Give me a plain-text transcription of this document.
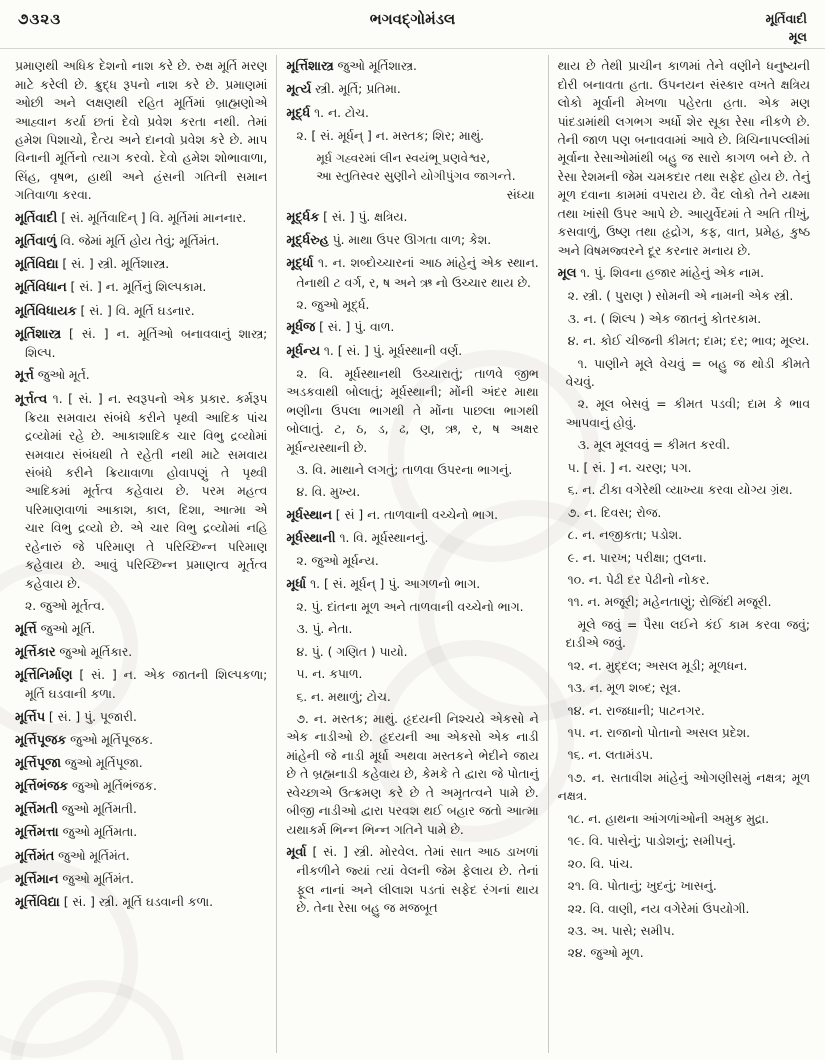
૭૩૨૩	ભગવદ્ગોમંડલ	મૂર્તિવાદી
મૂલ

પ્રમાણથી અધિક દેશનો નાશ કરે છે. રુક્ષ મૂર્તિ મરણ માટે કરેલી છે. ક્રુદ્ધ રૂપનો નાશ કરે છે. પ્રમાણમાં ઓછી અને લક્ષણથી રહિત મૂર્તિમાં બ્રાહ્મણોએ આહ્વાન કર્યા છતાં દેવો પ્રવેશ કરતા નથી. તેમાં હમેશ પિશાચો, દૈત્ય અને દાનવો પ્રવેશ કરે છે. માપ વિનાની મૂર્તિનો ત્યાગ કરવો. દેવો હમેશ શોભાવાળા, સિંહ, વૃષભ, હાથી અને હંસની ગતિની સમાન ગતિવાળા કરવા.

મૂર્તિવાદી [ સં. મૂર્તિવાદિન્ ] વિ. મૂર્તિમાં માનનાર.

મૂર્તિવાળું વિ. જેમાં મૂર્તિ હોય તેવું; મૂર્તિમંત.

મૂર્તિવિદ્યા [ સં. ] સ્ત્રી. મૂર્તિશાસ્ત્ર.

મૂર્તિવિધાન [ સં. ] ન. મૂર્તિનું શિલ્પકામ.

મૂર્તિવિધાયક [ સં. ] વિ. મૂર્તિ ઘડનાર.

મૂર્તિશાસ્ત્ર [ સં. ] ન. મૂર્તિઓ બનાવવાનું શાસ્ત્ર; શિલ્પ.

મૂર્ત્ત જુઓ મૂર્ત.

મૂર્ત્તત્વ ૧. [ સં. ] ન. સ્વરૂપનો એક પ્રકાર. કર્મરૂપ ક્રિયા સમવાય સંબંધે કરીને પૃથ્વી આદિક પાંચ દ્રવ્યોમાં રહે છે. આકાશાદિક ચાર વિભુ દ્રવ્યોમાં સમવાય સંબંધથી તે રહેતી નથી માટે સમવાય સંબંધે કરીને ક્રિયાવાળા હોવાપણું તે પૃથ્વી આદિકમાં મૂર્તત્વ કહેવાય છે. પરમ મહત્વ પરિમાણવાળાં આકાશ, કાલ, દિશા, આત્મા એ ચાર વિભુ દ્રવ્યો છે. એ ચાર વિભુ દ્રવ્યોમાં નહિ રહેનારું જે પરિમાણ તે પરિચ્છિન્ન પરિમાણ કહેવાય છે. આવું પરિચ્છિન્ન પ્રમાણત્વ મૂર્તત્વ કહેવાય છે.

૨. જુઓ મૂર્તત્વ.

મૂર્ત્તિ જુઓ મૂર્તિ.

મૂર્ત્તિકાર જુઓ મૂર્તિકાર.

મૂર્ત્તિનિર્માણ [ સં. ] ન. એક જાતની શિલ્પકળા; મૂર્તિ ઘડવાની કળા.

મૂર્ત્તિપ [ સં. ] પું. પૂજારી.

મૂર્ત્તિપૂજક જુઓ મૂર્તિપૂજક.

મૂર્ત્તિપૂજા જુઓ મૂર્તિપૂજા.

મૂર્ત્તિભંજક જુઓ મૂર્તિભંજક.

મૂર્ત્તિમતી જુઓ મૂર્તિમતી.

મૂર્ત્તિમત્તા જુઓ મૂર્તિમતા.

મૂર્ત્તિમંત જુઓ મૂર્તિમંત.

મૂર્ત્તિમાન જુઓ મૂર્તિમંત.

મૂર્ત્તિવિદ્યા [ સં. ] સ્ત્રી. મૂર્તિ ઘડવાની કળા.

મૂર્ત્તિશાસ્ત્ર જુઓ મૂર્તિશાસ્ત્ર.

મૂર્ત્ય સ્ત્રી. મૂર્તિ; પ્રતિમા.

મૂર્દ્ધ ૧. ન. ટોચ.

૨. [ સં. મૂર્ધન્ ] ન. મસ્તક; શિર; માથું.

મૂર્ધ ગહ્વરમાં લીન સ્વયંભૂ પ્રણવેશ્વર,
આ સ્તુતિસ્વર સુણીને યોગીપુંગવ જાગન્તે.

સંધ્યા

મૂર્દ્ધક [ સં. ] પું. ક્ષત્રિય.

મૂર્દ્ધરુહ પું. માથા ઉપર ઊગતા વાળ; કેશ.

મૂર્દ્ધા ૧. ન. શબ્દોચ્ચારનાં આઠ માંહેનું એક સ્થાન. તેનાથી ટ વર્ગ, ર, ષ અને ઋ નો ઉચ્ચાર થાય છે.

૨. જુઓ મૂર્દ્ધ.

મૂર્ધજ [ સં. ] પું. વાળ.

મૂર્ધન્ય ૧. [ સં. ] પું. મૂર્ધસ્થાની વર્ણ.

૨. વિ. મૂર્ધસ્થાનથી ઉચ્ચારાતું; તાળવે જીભ અડકવાથી બોલાતું; મૂર્ધસ્થાની; મોંની અંદર માથા ભણીના ઉપલા ભાગથી તે મોંના પાછલા ભાગથી બોલાતું. ટ, ઠ, ડ, ઢ, ણ, ઋ, ર, ષ અક્ષર મૂર્ધન્યસ્થાની છે.

૩. વિ. માથાને લગતું; તાળવા ઉપરના ભાગનું.

૪. વિ. મુખ્ય.

મૂર્ધસ્થાન [ સં ] ન. તાળવાની વચ્ચેનો ભાગ.

મૂર્ધસ્થાની ૧. વિ. મૂર્ધસ્થાનનું.

૨. જુઓ મૂર્ધન્ય.

મૂર્ધા ૧. [ સં. મૂર્ધન્ ] પું. આગળનો ભાગ.

૨. પું. દાંતના મૂળ અને તાળવાની વચ્ચેનો ભાગ.

૩. પું. નેતા.

૪. પું. ( ગણિત ) પાયો.

૫. ન. કપાળ.

૬. ન. મથાળું; ટોચ.

૭. ન. મસ્તક; માથું. હૃદયની નિશ્ચયે એકસો ને એક નાડીઓ છે. હૃદયની આ એકસો એક નાડી માંહેની જે નાડી મૂર્ધા અથવા મસ્તકને ભેદીને જાય છે તે બ્રહ્મનાડી કહેવાય છે, કેમકે તે દ્વારા જે પોતાનું સ્વેચ્છાએ ઉત્ક્રમણ કરે છે તે અમૃતત્વને પામે છે. બીજી નાડીઓ દ્વારા પરવશ થઈ બહાર જતો આત્મા યથાકર્મ ભિન્ન ભિન્ન ગતિને પામે છે.

મૂર્વા [ સં. ] સ્ત્રી. મોરવેલ. તેમાં સાત આઠ ડાખળાં નીકળીને જ્યાં ત્યાં વેલની જેમ ફેલાય છે. તેનાં ફૂલ નાનાં અને લીલાશ પડતાં સફેદ રંગનાં થાય છે. તેના રેસા બહુ જ મજબૂત

થાય છે તેથી પ્રાચીન કાળમાં તેને વણીને ધનુષ્યની દોરી બનાવતા હતા. ઉપનયન સંસ્કાર વખતે ક્ષત્રિય લોકો મૂર્વાની મેખળા પહેરતા હતા. એક મણ પાંદડામાંથી લગભગ અર્ધો શેર સૂકા રેસા નીકળે છે. તેની જાળ પણ બનાવવામાં આવે છે. ત્રિચિનાપલ્લીમાં મૂર્વાના રેસાઓમાંથી બહુ જ સારો કાગળ બને છે. તે રેસા રેશમની જેમ ચમકદાર તથા સફેદ હોય છે. તેનું મૂળ દવાના કામમાં વપરાય છે. વૈદ લોકો તેને યક્ષ્મા તથા ખાંસી ઉપર આપે છે. આયુર્વેદમાં તે અતિ તીખું, કસવાળું, ઉષ્ણ તથા હૃદ્રોગ, કફ, વાત, પ્રમેહ, કુષ્ઠ અને વિષમજ્વરને દૂર કરનાર મનાય છે.

મૂલ ૧. પું. શિવના હજાર માંહેનું એક નામ.

૨. સ્ત્રી. ( પુરાણ ) સોમની એ નામની એક સ્ત્રી.

૩. ન. ( શિલ્પ ) એક જાતનું કોતરકામ.

૪. ન. કોઈ ચીજની કીમત; દામ; દર; ભાવ; મૂલ્ય.

૧. પાણીને મૂલે વેચવું = બહુ જ થોડી કીમતે વેચવું.

૨. મૂલ બેસવું = કીમત પડવી; દામ કે ભાવ આપવાનું હોવું.

૩. મૂલ મૂલવવું = કીમત કરવી.

૫. [ સં. ] ન. ચરણ; પગ.

૬. ન. ટીકા વગેરેથી વ્યાખ્યા કરવા યોગ્ય ગ્રંથ.

૭. ન. દિવસ; રોજ.

૮. ન. નજીકતા; પડોશ.

૯. ન. પારખ; પરીક્ષા; તુલના.

૧૦. ન. પેઢી દર પેઢીનો નોકર.

૧૧. ન. મજૂરી; મહેનતાણું; રોજિંદી મજૂરી.

મૂલે જવું = પૈસા લઈને કંઈ કામ કરવા જવું; દાડીએ જવું.

૧૨. ન. મુદ્દલ; અસલ મૂડી; મૂળધન.

૧૩. ન. મૂળ શબ્દ; સૂત્ર.

૧૪. ન. રાજધાની; પાટનગર.

૧૫. ન. રાજાનો પોતાનો અસલ પ્રદેશ.

૧૬. ન. લતામંડપ.

૧૭. ન. સતાવીશ માંહેનું ઓગણીસમું નક્ષત્ર; મૂળ નક્ષત્ર.

૧૮. ન. હાથના આંગળાંઓની અમુક મુદ્રા.

૧૯. વિ. પાસેનું; પાડોશનું; સમીપનું.

૨૦. વિ. પાંચ.

૨૧. વિ. પોતાનું; ખુદનું; ખાસનું.

૨૨. વિ. વાણી, નય વગેરેમાં ઉપયોગી.

૨૩. અ. પાસે; સમીપ.

૨૪. જુઓ મૂળ.
